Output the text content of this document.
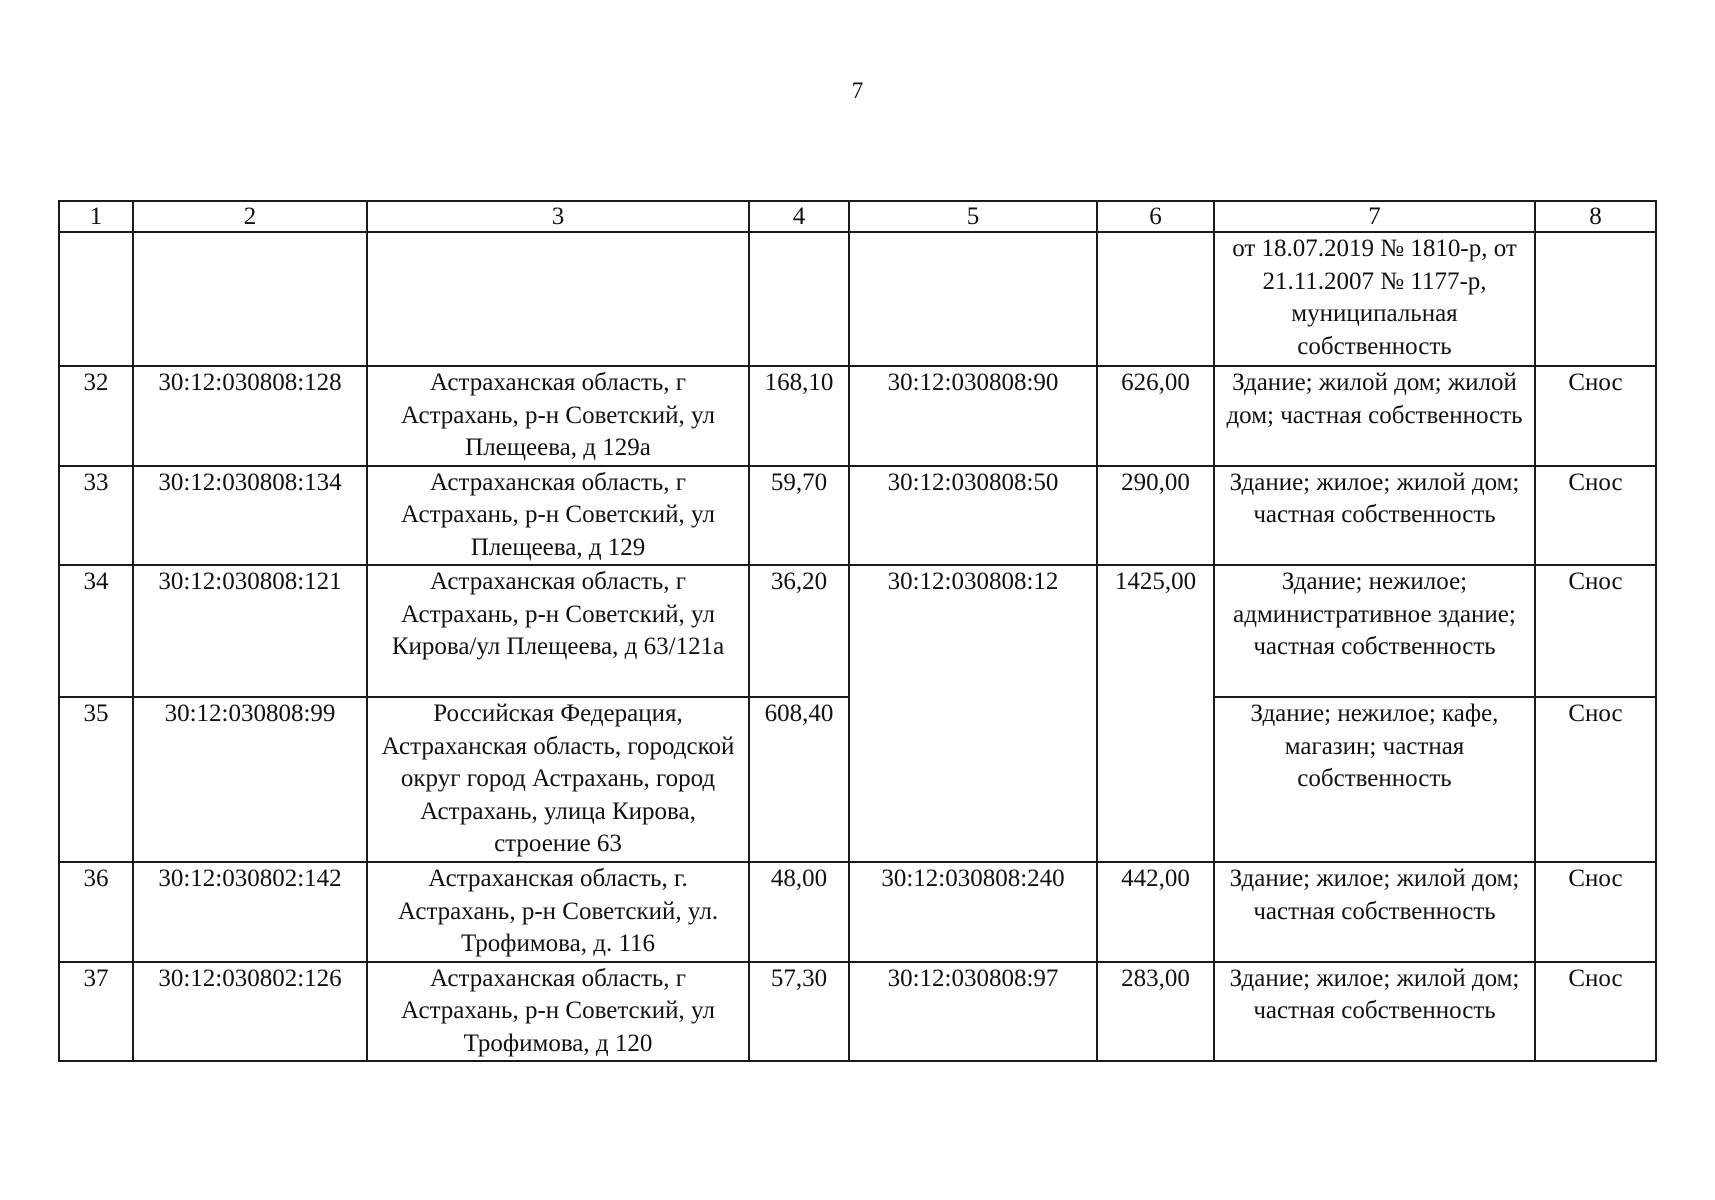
7
1	2	3	4	5	6	7	8
						от 18.07.2019 № 1810-р, от 21.11.2007 № 1177-р, муниципальная собственность	
32	30:12:030808:128	Астраханская область, г Астрахань, р-н Советский, ул Плещеева, д 129а	168,10	30:12:030808:90	626,00	Здание; жилой дом; жилой дом; частная собственность	Снос
33	30:12:030808:134	Астраханская область, г Астрахань, р-н Советский, ул Плещеева, д 129	59,70	30:12:030808:50	290,00	Здание; жилое; жилой дом; частная собственность	Снос
34	30:12:030808:121	Астраханская область, г Астрахань, р-н Советский, ул Кирова/ул Плещеева, д 63/121а	36,20	30:12:030808:12	1425,00	Здание; нежилое; административное здание; частная собственность	Снос
35	30:12:030808:99	Российская Федерация, Астраханская область, городской округ город Астрахань, город Астрахань, улица Кирова, строение 63	608,40			Здание; нежилое; кафе, магазин; частная собственность	Снос
36	30:12:030802:142	Астраханская область, г. Астрахань, р-н Советский, ул. Трофимова, д. 116	48,00	30:12:030808:240	442,00	Здание; жилое; жилой дом; частная собственность	Снос
37	30:12:030802:126	Астраханская область, г Астрахань, р-н Советский, ул Трофимова, д 120	57,30	30:12:030808:97	283,00	Здание; жилое; жилой дом; частная собственность	Снос
